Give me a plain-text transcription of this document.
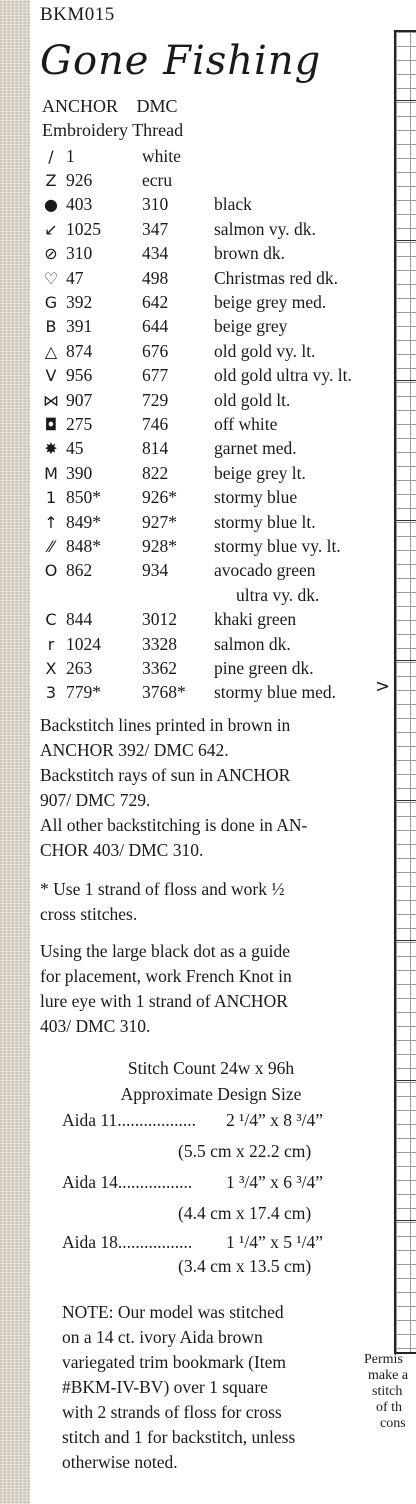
BKM015
Gone Fishing
ANCHOR DMC
Embroidery Thread
/ 1	white
Z 926	ecru
● 403	310	black
↙ 1025	347	salmon vy. dk.
⊘ 310	434	brown dk.
♡ 47	498	Christmas red dk.
G 392	642	beige grey med.
B 391	644	beige grey
△ 874	676	old gold vy. lt.
V 956	677	old gold ultra vy. lt.
⋈ 907	729	old gold lt.
◘ 275	746	off white
✸ 45	814	garnet med.
M 390	822	beige grey lt.
1 850*	926*	stormy blue
↑ 849*	927*	stormy blue lt.
⁄⁄ 848*	928*	stormy blue vy. lt.
O 862	934	avocado green
ultra vy. dk.
C 844	3012	khaki green
r 1024	3328	salmon dk.
X 263	3362	pine green dk.
3 779*	3768*	stormy blue med.
Backstitch lines printed in brown in
ANCHOR 392/ DMC 642.
Backstitch rays of sun in ANCHOR
907/ DMC 729.
All other backstitching is done in AN-
CHOR 403/ DMC 310.
* Use 1 strand of floss and work ½
cross stitches.
Using the large black dot as a guide
for placement, work French Knot in
lure eye with 1 strand of ANCHOR
403/ DMC 310.
Stitch Count 24w x 96h
Approximate Design Size
Aida 11.................. 2 ¹/4” x 8 ³/4”
(5.5 cm x 22.2 cm)
Aida 14................. 1 ³/4” x 6 ³/4”
(4.4 cm x 17.4 cm)
Aida 18................. 1 ¹/4” x 5 ¹/4”
(3.4 cm x 13.5 cm)
NOTE: Our model was stitched
on a 14 ct. ivory Aida brown
variegated trim bookmark (Item
#BKM-IV-BV) over 1 square
with 2 strands of floss for cross
stitch and 1 for backstitch, unless
otherwise noted.
>
Permis
make a
stitch
of th
cons
